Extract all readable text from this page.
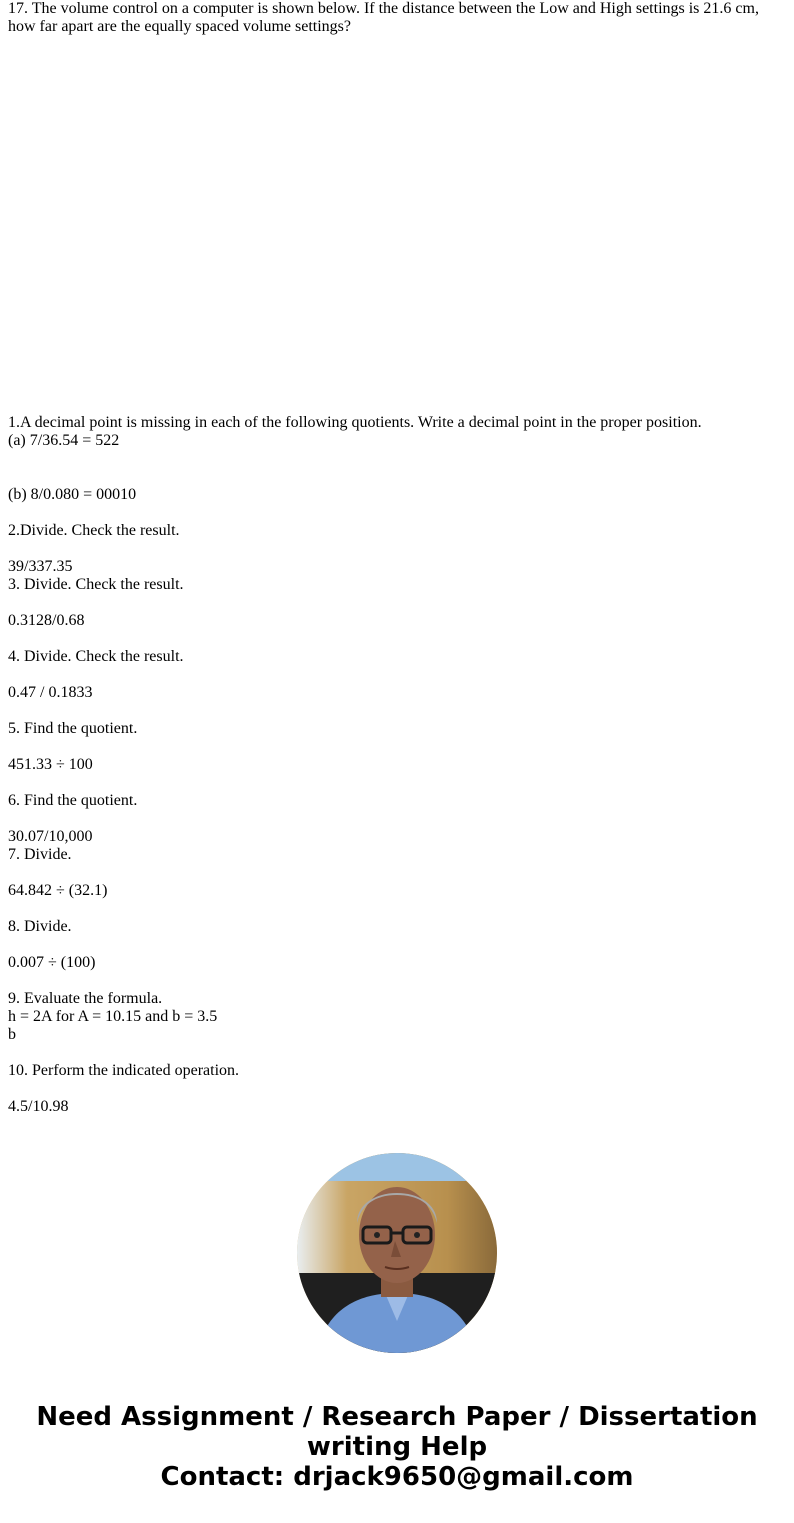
17. The volume control on a computer is shown below. If the distance between the Low and High settings is 21.6 cm, how far apart are the equally spaced volume settings?
1.A decimal point is missing in each of the following quotients. Write a decimal point in the proper position.
(a) 7/36.54 = 522
(b) 8/0.080 = 00010
2.Divide. Check the result.
39/337.35
3. Divide. Check the result.
0.3128/0.68
4. Divide. Check the result.
0.47 / 0.1833
5. Find the quotient.
451.33 ÷ 100
6. Find the quotient.
30.07/10,000
7. Divide.
64.842 ÷ (32.1)
8. Divide.
0.007 ÷ (100)
9. Evaluate the formula.
h = 2A for A = 10.15 and b = 3.5
b
10. Perform the indicated operation.
4.5/10.98
Need Assignment / Research Paper / Dissertation
writing Help
Contact: drjack9650@gmail.com
